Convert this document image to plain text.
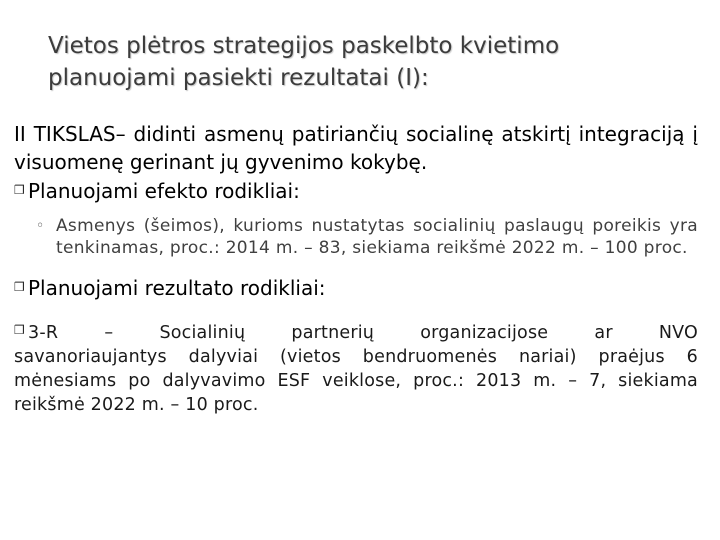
Vietos plėtros strategijos paskelbto kvietimo planuojami pasiekti rezultatai (I):

II TIKSLAS– didinti asmenų patiriančių socialinę atskirtį integraciją į visuomenę gerinant jų gyvenimo kokybę.

❒ Planuojami efekto rodikliai:

◦ Asmenys (šeimos), kurioms nustatytas socialinių paslaugų poreikis yra tenkinamas, proc.: 2014 m. – 83, siekiama reikšmė 2022 m. – 100 proc.

❒ Planuojami rezultato rodikliai:

❒ 3-R – Socialinių partnerių organizacijose ar NVO
savanoriaujantys dalyviai (vietos bendruomenės nariai) praėjus 6 mėnesiams po dalyvavimo ESF veiklose, proc.: 2013 m. – 7, siekiama reikšmė 2022 m. – 10 proc.
